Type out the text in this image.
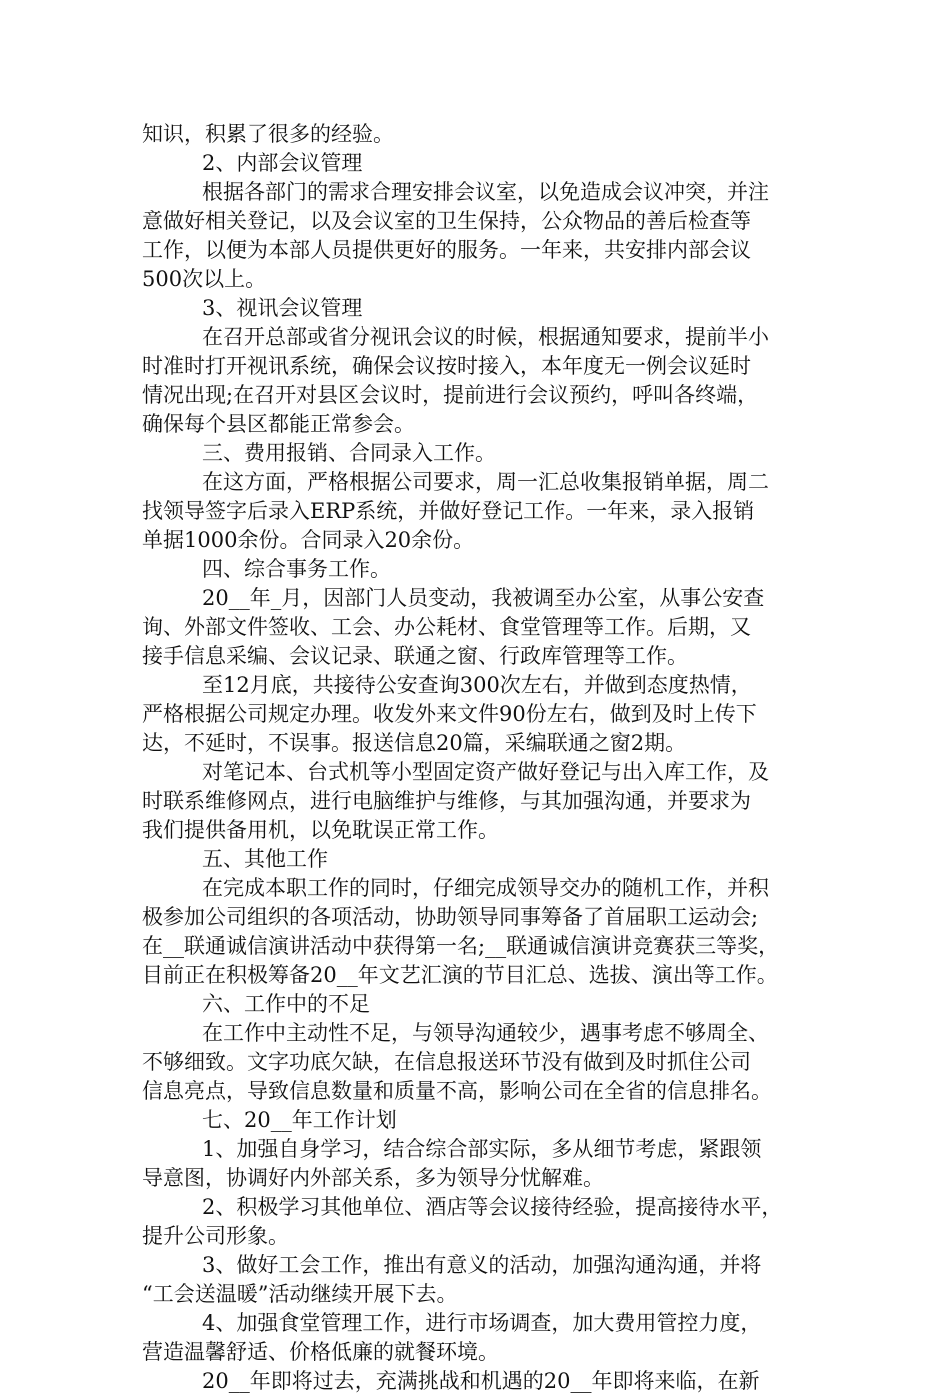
知识，积累了很多的经验。
2、内部会议管理
根据各部门的需求合理安排会议室，以免造成会议冲突，并注
意做好相关登记，以及会议室的卫生保持，公众物品的善后检查等
工作，以便为本部人员提供更好的服务。一年来，共安排内部会议
500次以上。
3、视讯会议管理
在召开总部或省分视讯会议的时候，根据通知要求，提前半小
时准时打开视讯系统，确保会议按时接入，本年度无一例会议延时
情况出现;在召开对县区会议时，提前进行会议预约，呼叫各终端，
确保每个县区都能正常参会。
三、费用报销、合同录入工作。
在这方面，严格根据公司要求，周一汇总收集报销单据，周二
找领导签字后录入ERP系统，并做好登记工作。一年来，录入报销
单据1000余份。合同录入20余份。
四、综合事务工作。
20__年_月，因部门人员变动，我被调至办公室，从事公安查
询、外部文件签收、工会、办公耗材、食堂管理等工作。后期，又
接手信息采编、会议记录、联通之窗、行政库管理等工作。
至12月底，共接待公安查询300次左右，并做到态度热情，
严格根据公司规定办理。收发外来文件90份左右，做到及时上传下
达，不延时，不误事。报送信息20篇，采编联通之窗2期。
对笔记本、台式机等小型固定资产做好登记与出入库工作，及
时联系维修网点，进行电脑维护与维修，与其加强沟通，并要求为
我们提供备用机，以免耽误正常工作。
五、其他工作
在完成本职工作的同时，仔细完成领导交办的随机工作，并积
极参加公司组织的各项活动，协助领导同事筹备了首届职工运动会;
在__联通诚信演讲活动中获得第一名;__联通诚信演讲竞赛获三等奖，
目前正在积极筹备20__年文艺汇演的节目汇总、选拔、演出等工作。
六、工作中的不足
在工作中主动性不足，与领导沟通较少，遇事考虑不够周全、
不够细致。文字功底欠缺，在信息报送环节没有做到及时抓住公司
信息亮点，导致信息数量和质量不高，影响公司在全省的信息排名。
七、20__年工作计划
1、加强自身学习，结合综合部实际，多从细节考虑，紧跟领
导意图，协调好内外部关系，多为领导分忧解难。
2、积极学习其他单位、酒店等会议接待经验，提高接待水平，
提升公司形象。
3、做好工会工作，推出有意义的活动，加强沟通沟通，并将
“工会送温暖”活动继续开展下去。
4、加强食堂管理工作，进行市场调查，加大费用管控力度，
营造温馨舒适、价格低廉的就餐环境。
20__年即将过去，充满挑战和机遇的20__年即将来临，在新
